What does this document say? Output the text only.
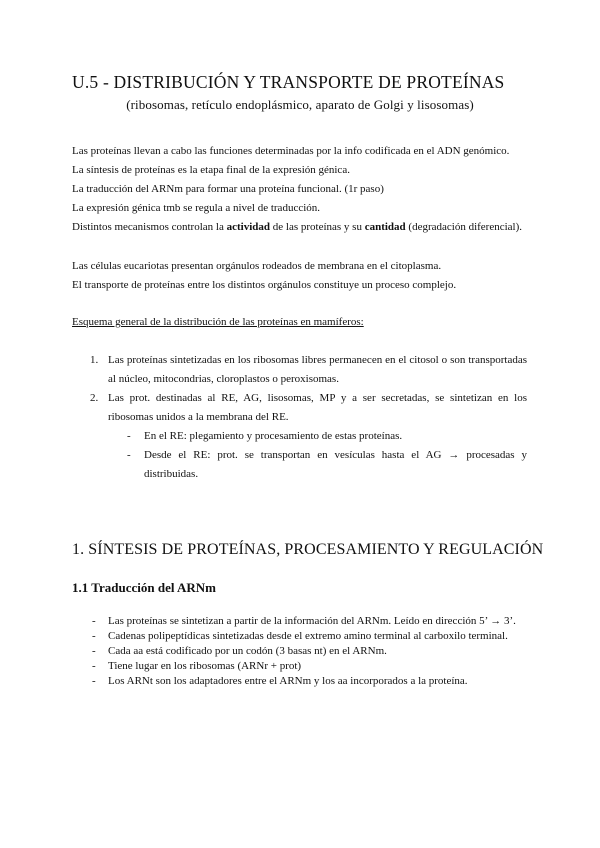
U.5 - DISTRIBUCIÓN Y TRANSPORTE DE PROTEÍNAS
(ribosomas, retículo endoplásmico, aparato de Golgi y lisosomas)
Las proteínas llevan a cabo las funciones determinadas por la info codificada en el ADN genómico.
La síntesis de proteínas es la etapa final de la expresión génica.
La traducción del ARNm para formar una proteína funcional. (1r paso)
La expresión génica tmb se regula a nivel de traducción.
Distintos mecanismos controlan la actividad de las proteínas y su cantidad (degradación diferencial).
Las células eucariotas presentan orgánulos rodeados de membrana en el citoplasma.
El transporte de proteínas entre los distintos orgánulos constituye un proceso complejo.
Esquema general de la distribución de las proteínas en mamíferos:
1. Las proteínas sintetizadas en los ribosomas libres permanecen en el citosol o son transportadas al núcleo, mitocondrias, cloroplastos o peroxisomas.
2. Las prot. destinadas al RE, AG, lisosomas, MP y a ser secretadas, se sintetizan en los ribosomas unidos a la membrana del RE.
- En el RE: plegamiento y procesamiento de estas proteínas.
- Desde el RE: prot. se transportan en vesículas hasta el AG → procesadas y distribuidas.
1. SÍNTESIS DE PROTEÍNAS, PROCESAMIENTO Y REGULACIÓN
1.1 Traducción del ARNm
- Las proteínas se sintetizan a partir de la información del ARNm. Leído en dirección 5’ → 3’.
- Cadenas polipeptídicas sintetizadas desde el extremo amino terminal al carboxilo terminal.
- Cada aa está codificado por un codón (3 basas nt) en el ARNm.
- Tiene lugar en los ribosomas (ARNr + prot)
- Los ARNt son los adaptadores entre el ARNm y los aa incorporados a la proteína.
